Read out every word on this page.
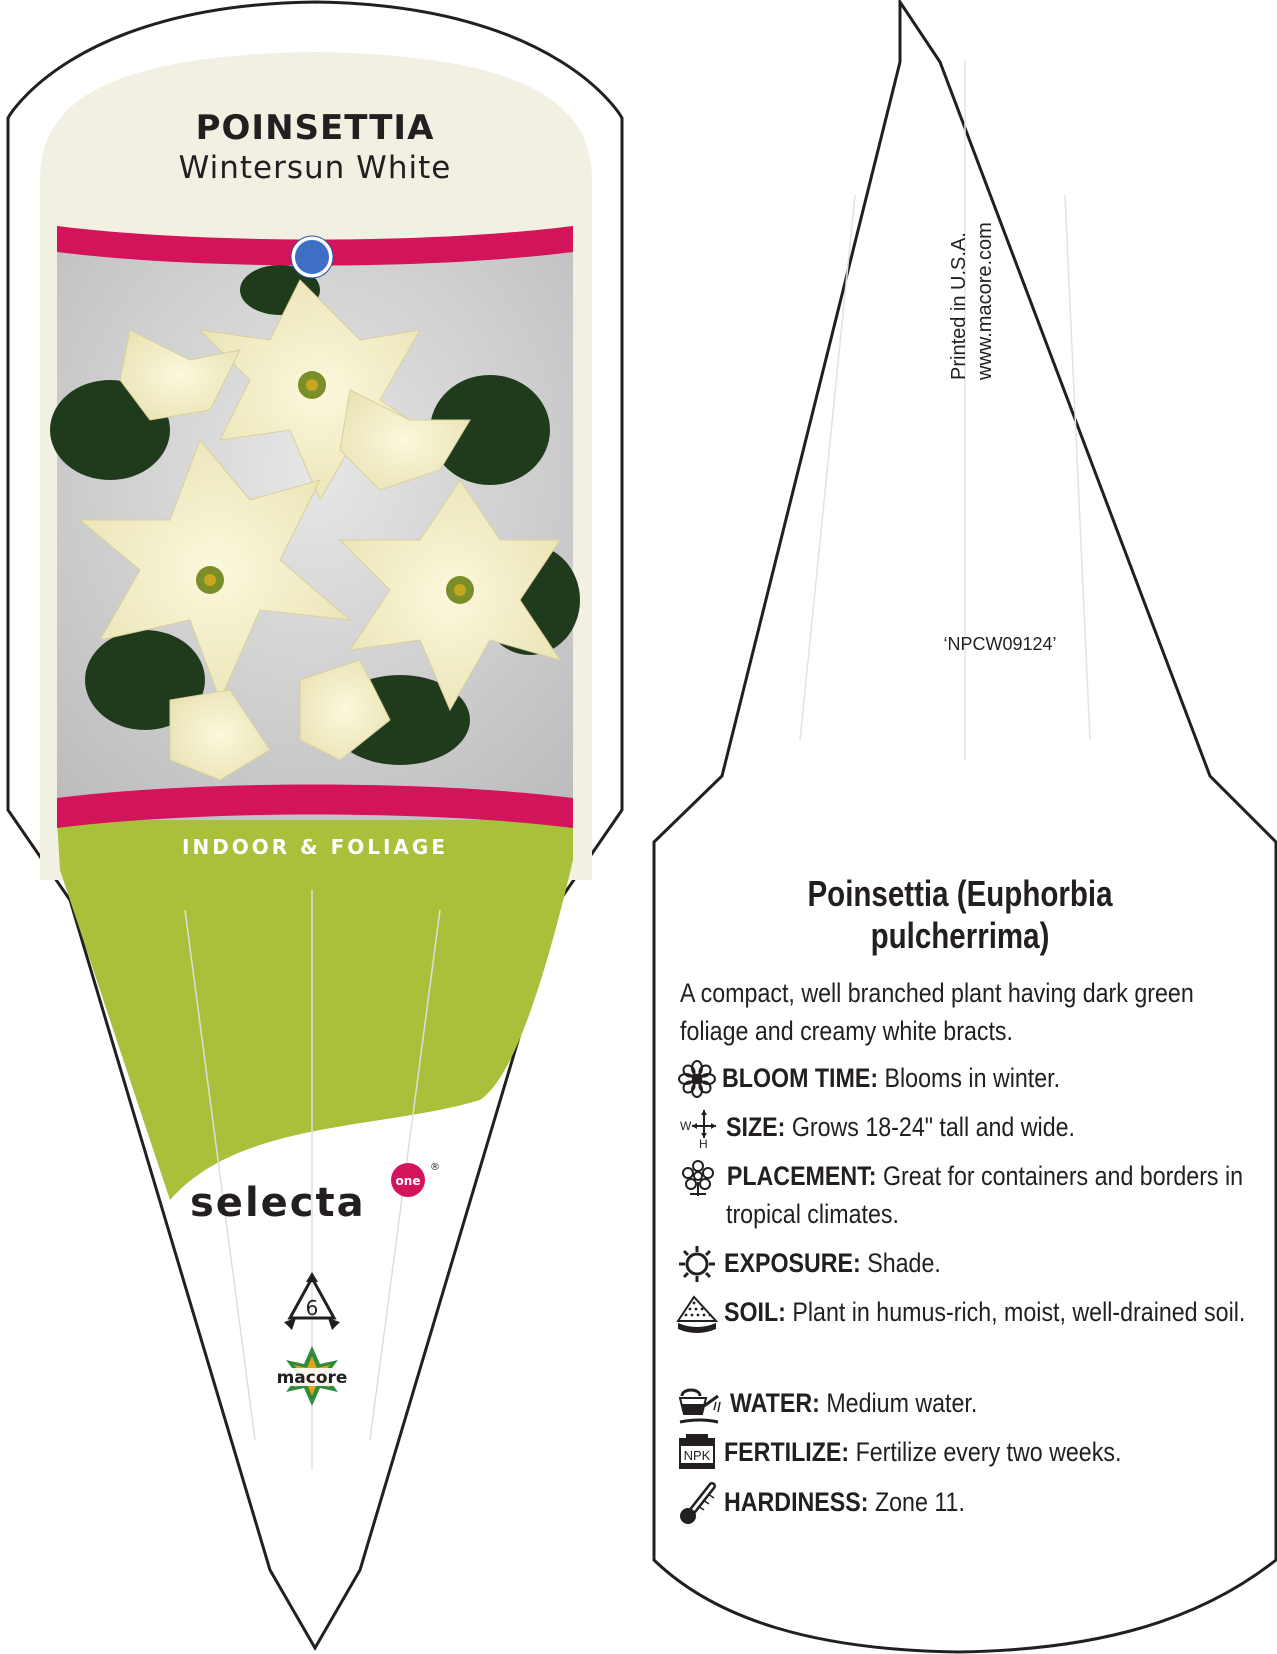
one
®
6
macore
POINSETTIA
Wintersun White
INDOOR & FOLIAGE
selecta
Printed in U.S.A. www.macore.com
‘NPCW09124’
Poinsettia (Euphorbia pulcherrima)
A compact, well branched plant having dark green foliage and creamy white bracts.
BLOOM TIME: Blooms in winter.
W
H
SIZE: Grows 18-24" tall and wide.
PLACEMENT: Great for containers and borders in tropical climates.
EXPOSURE: Shade.
SOIL: Plant in humus-rich, moist, well-drained soil.
WATER: Medium water.
NPK FERTILIZE: Fertilize every two weeks.
HARDINESS: Zone 11.
